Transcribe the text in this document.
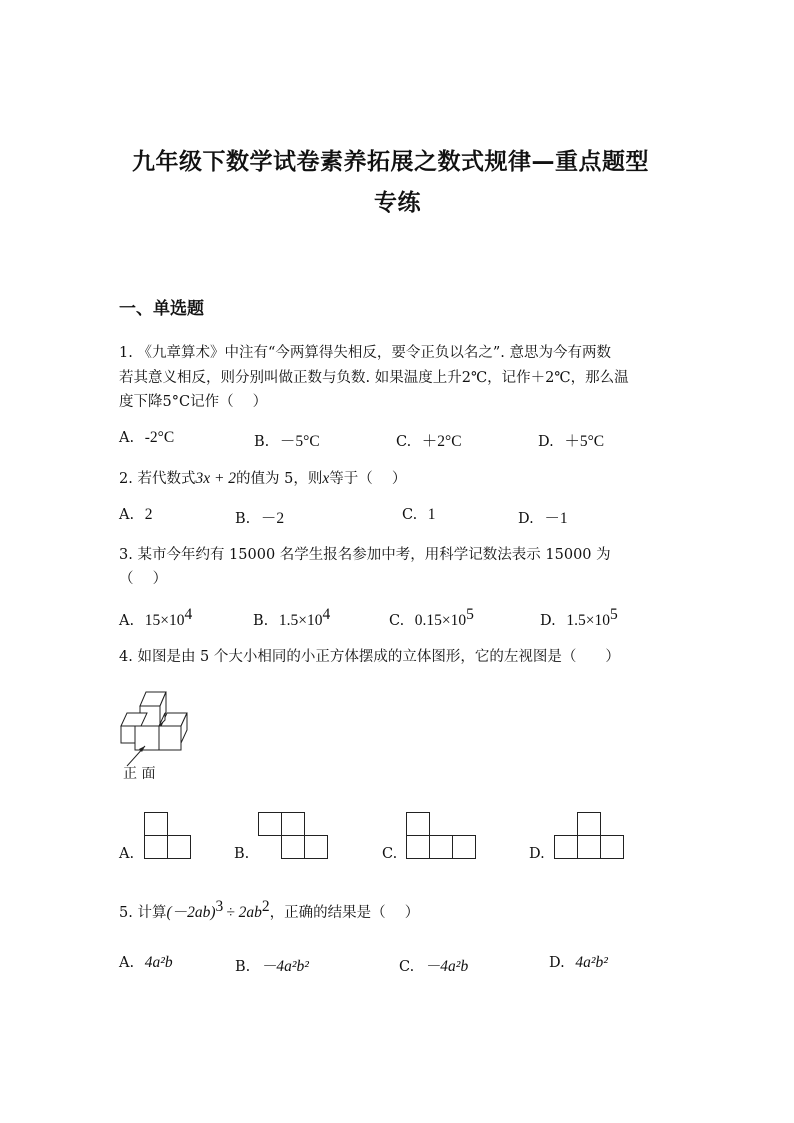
九年级下数学试卷素养拓展之数式规律—重点题型
专练
一、单选题
1. 《九章算术》中注有“今两算得失相反，要令正负以名之”. 意思为今有两数
若其意义相反，则分别叫做正数与负数. 如果温度上升2℃，记作＋2℃，那么温
度下降5°C记作（　 ）
A. -2°C	B. －5°C	C. ＋2°C	D. ＋5°C
2. 若代数式3x + 2的值为 5，则x等于（　 ）
A. 2	B. －2	C. 1	D. －1
3. 某市今年约有 15000 名学生报名参加中考，用科学记数法表示 15000 为
（　 ）
A. $15\times 10^4$	B. $1.5\times 10^4$	C. $0.15\times 10^5$	D. $1.5\times 10^5$
4. 如图是由 5 个大小相同的小正方体摆成的立体图形，它的左视图是（　　）
正 面
A.	B.	C.	D.
5. 计算$(-2ab)^3 \div 2ab^2$，正确的结果是（　 ）
A. 4a²b	B. －4a²b²	C. －4a²b	D. 4a²b²
